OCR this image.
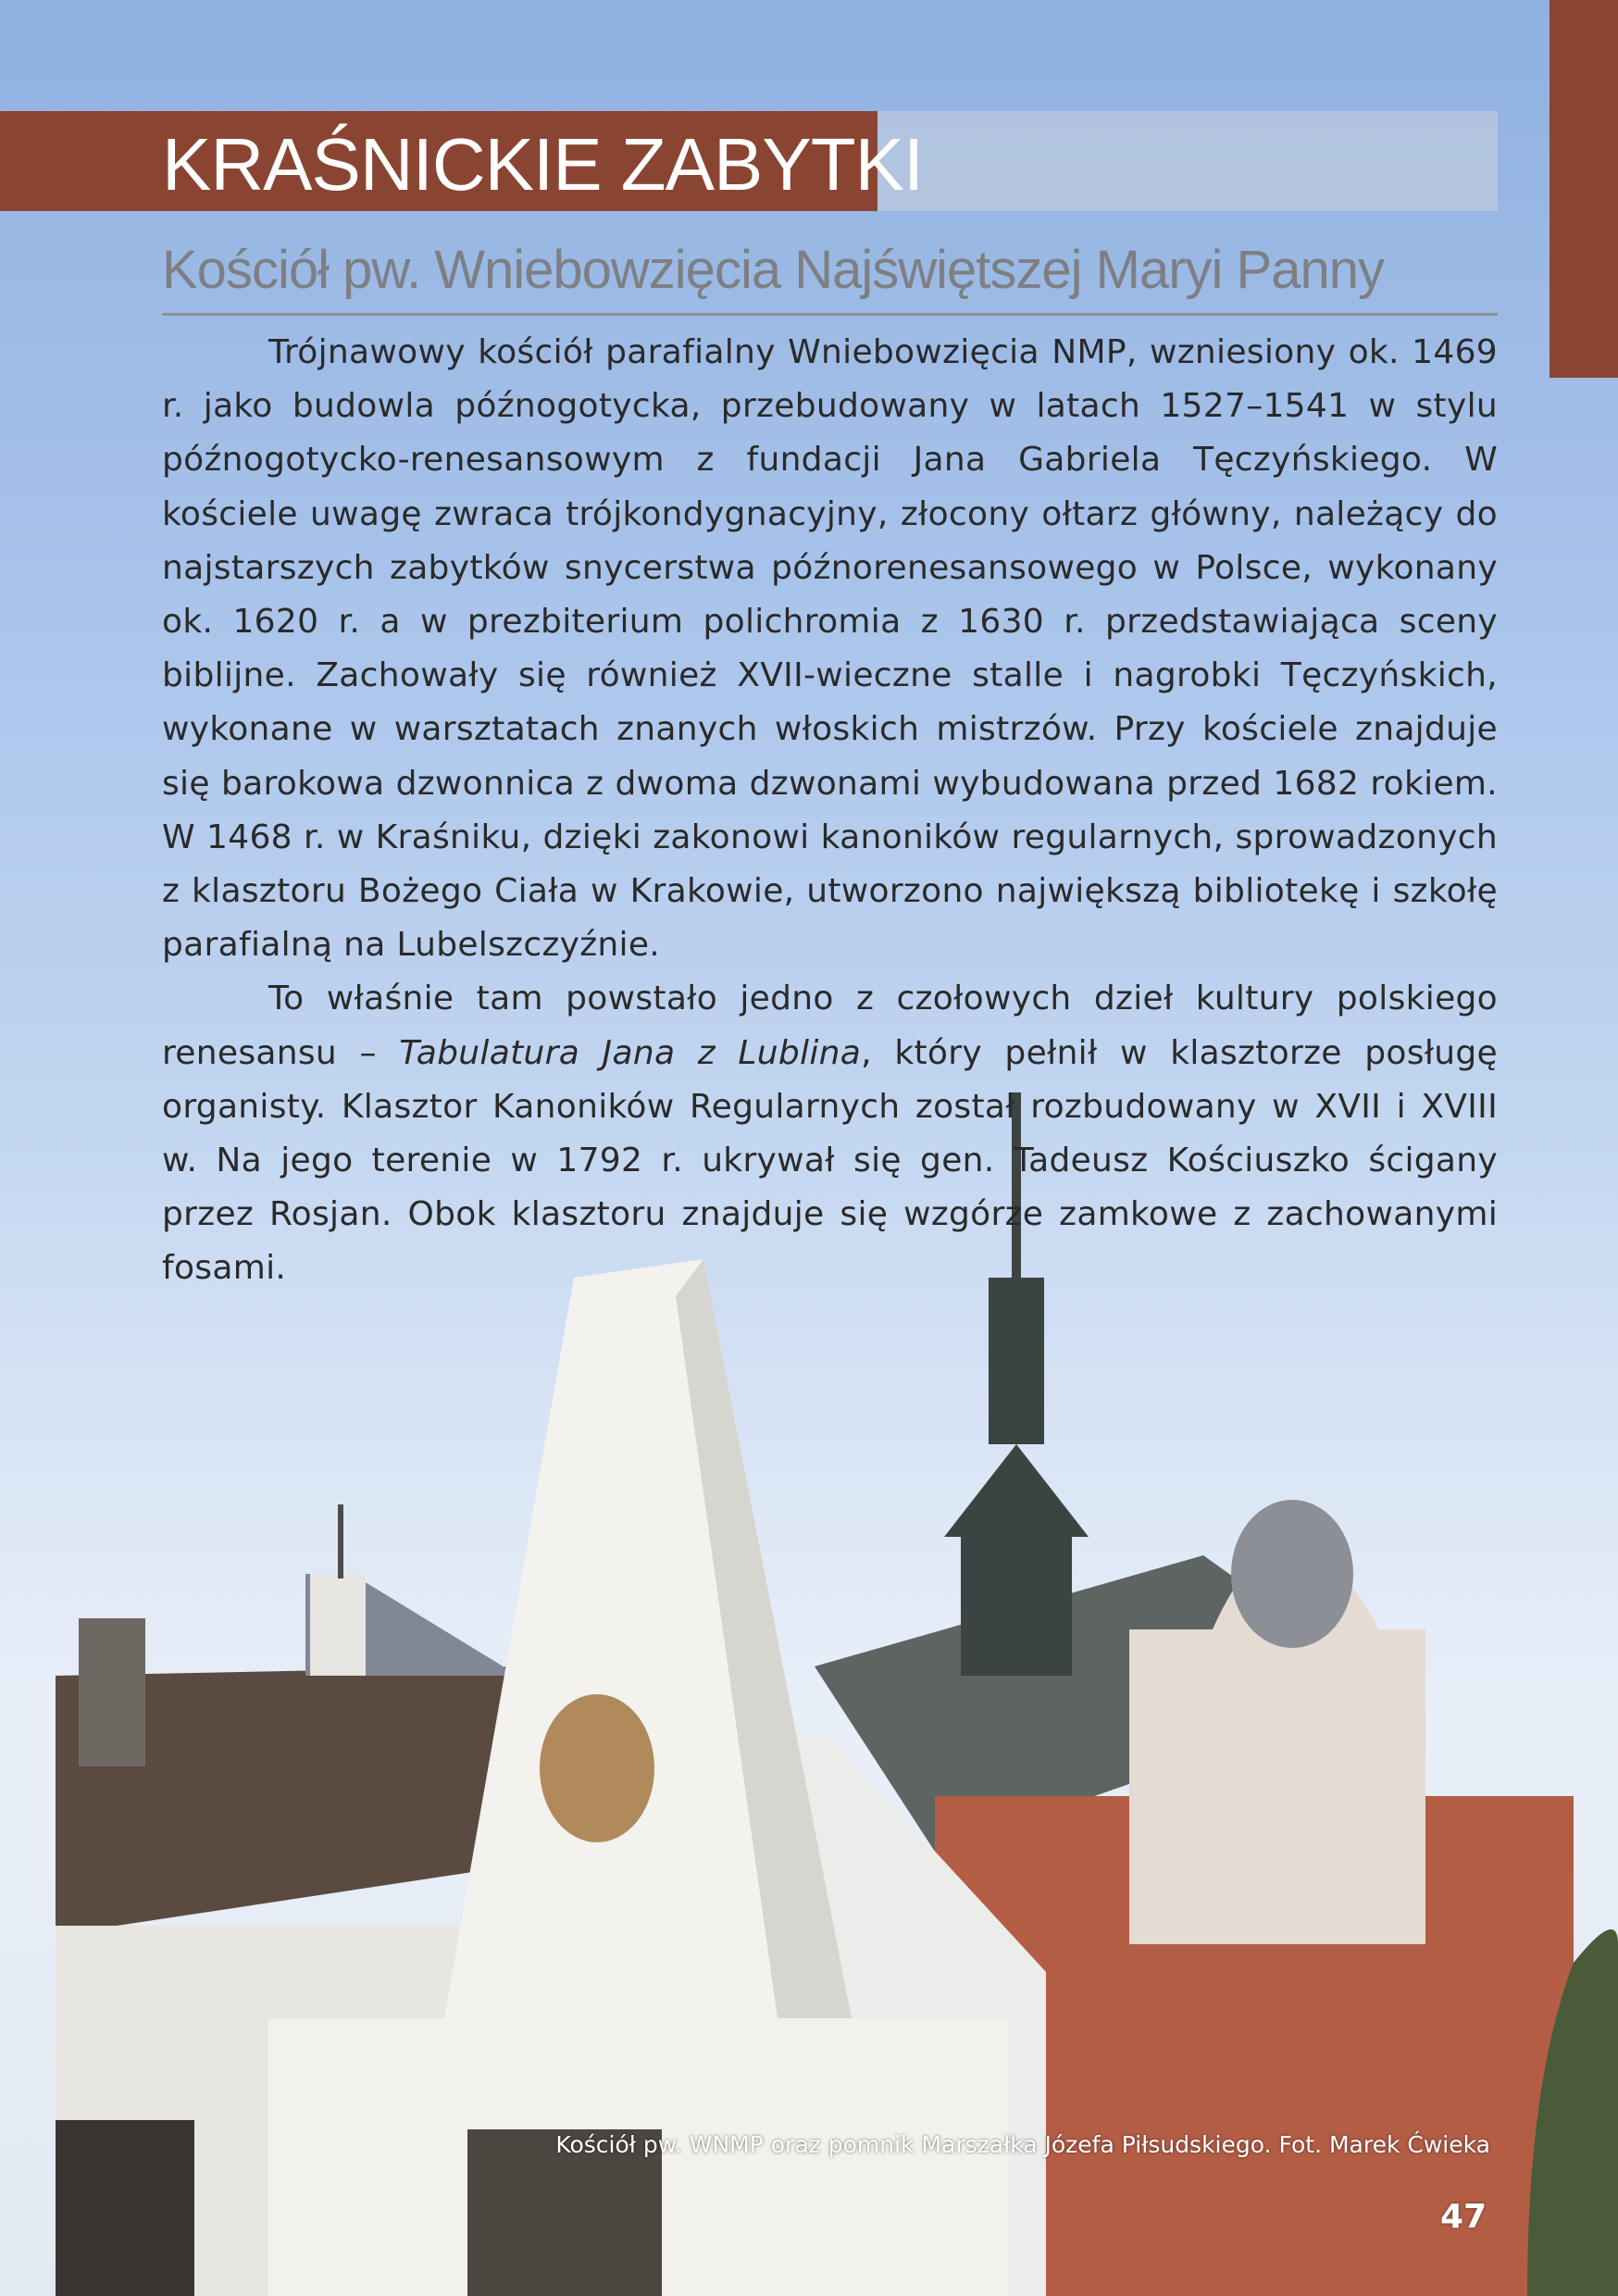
KRAŚNICKIE ZABYTKI
Kościół pw. Wniebowzięcia Najświętszej Maryi Panny

Trójnawowy kościół parafialny Wniebowzięcia NMP, wzniesiony ok. 1469 r. jako budowla późnogotycka, przebudowany w latach 1527–1541 w stylu późnogotycko-renesansowym z fundacji Jana Gabriela Tęczyńskiego. W kościele uwagę zwraca trójkondygnacyjny, złocony ołtarz główny, należący do najstarszych zabytków snycerstwa późnorenesansowego w Polsce, wykonany ok. 1620 r. a w prezbiterium polichromia z 1630 r. przedstawiająca sceny biblijne. Zachowały się również XVII-wieczne stalle i nagrobki Tęczyńskich, wykonane w warsztatach znanych włoskich mistrzów. Przy kościele znajduje się barokowa dzwonnica z dwoma dzwonami wybudowana przed 1682 rokiem. W 1468 r. w Kraśniku, dzięki zakonowi kanoników regularnych, sprowadzonych z klasztoru Bożego Ciała w Krakowie, utworzono największą bibliotekę i szkołę parafialną na Lubelszczyźnie.

To właśnie tam powstało jedno z czołowych dzieł kultury polskiego renesansu – Tabulatura Jana z Lublina, który pełnił w klasztorze posługę organisty. Klasztor Kanoników Regularnych został rozbudowany w XVII i XVIII w. Na jego terenie w 1792 r. ukrywał się gen. Tadeusz Kościuszko ścigany przez Rosjan. Obok klasztoru znajduje się wzgórze zamkowe z zachowanymi fosami.

Kościół pw. WNMP oraz pomnik Marszałka Józefa Piłsudskiego. Fot. Marek Ćwieka
47
